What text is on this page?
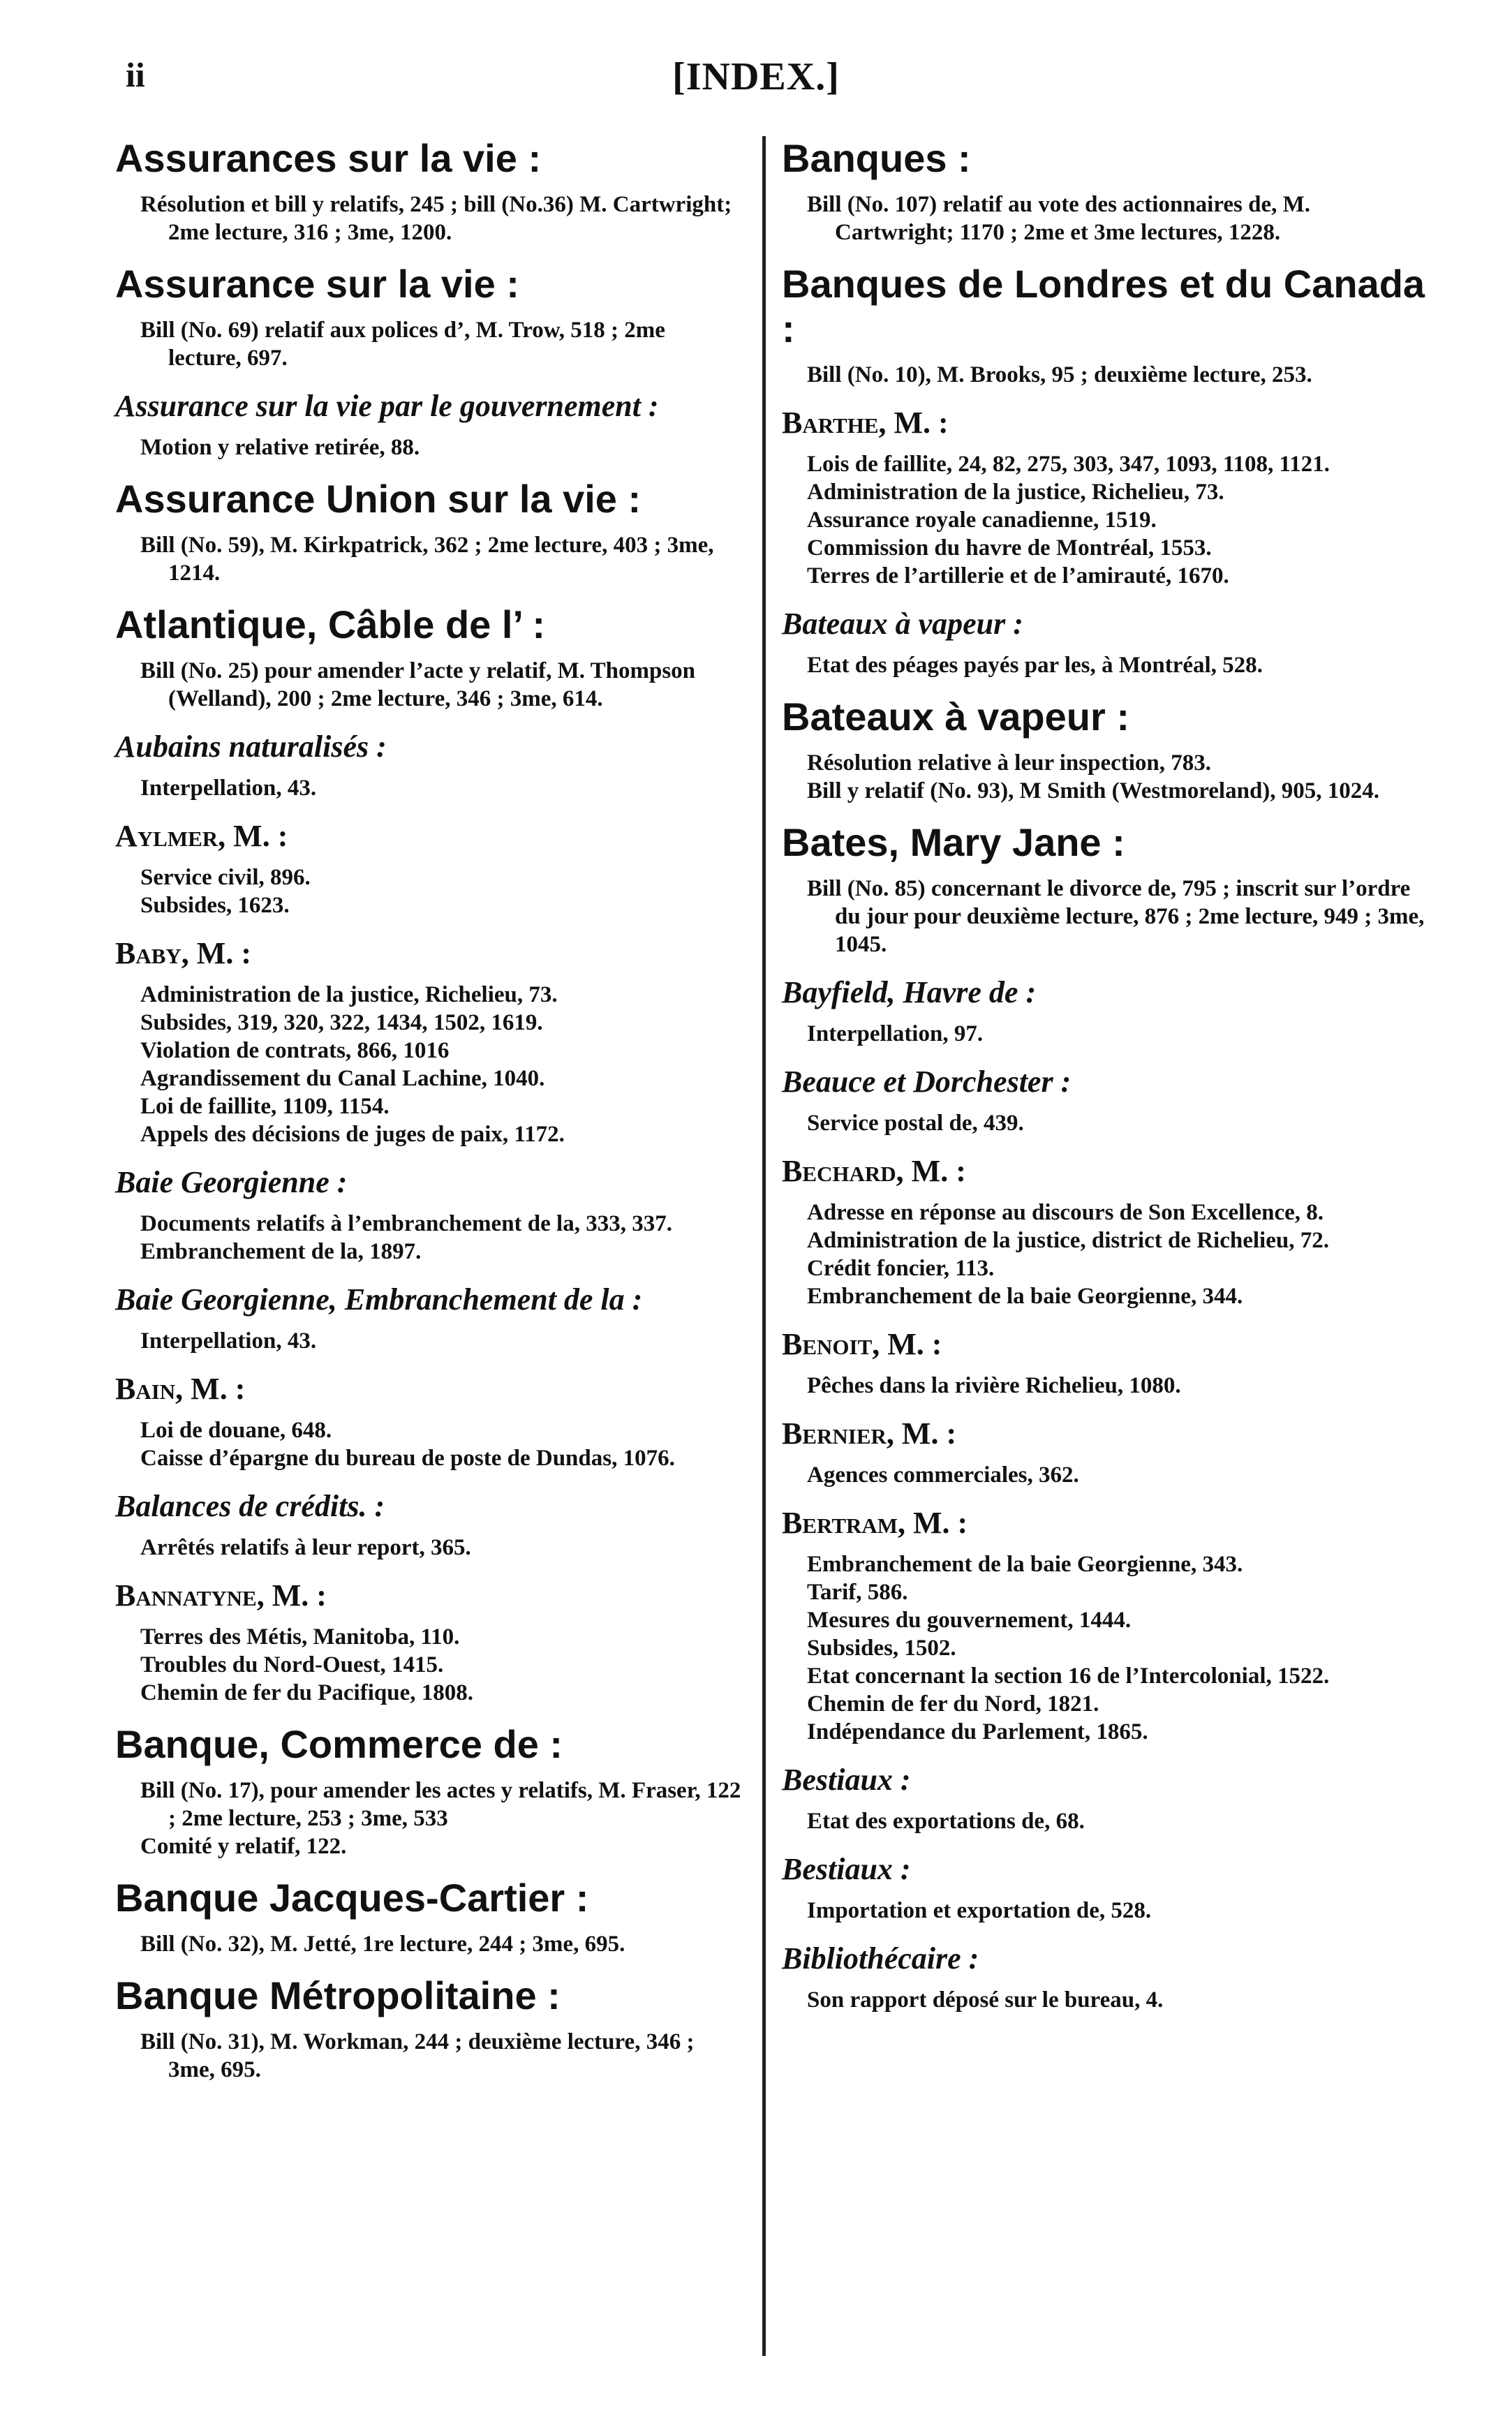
ii	[INDEX.]
Assurances sur la vie :
Résolution et bill y relatifs, 245 ; bill (No.36) M. Cartwright; 2me lecture, 316 ; 3me, 1200.
Assurance sur la vie :
Bill (No. 69) relatif aux polices d’, M. Trow, 518 ; 2me lecture, 697.
Assurance sur la vie par le gouvernement :
Motion y relative retirée, 88.
Assurance Union sur la vie :
Bill (No. 59), M. Kirkpatrick, 362 ; 2me lecture, 403 ; 3me, 1214.
Atlantique, Câble de l’ :
Bill (No. 25) pour amender l’acte y relatif, M. Thompson (Welland), 200 ; 2me lecture, 346 ; 3me, 614.
Aubains naturalisés :
Interpellation, 43.
Aylmer, M. :
Service civil, 896.
Subsides, 1623.
Baby, M. :
Administration de la justice, Richelieu, 73.
Subsides, 319, 320, 322, 1434, 1502, 1619.
Violation de contrats, 866, 1016
Agrandissement du Canal Lachine, 1040.
Loi de faillite, 1109, 1154.
Appels des décisions de juges de paix, 1172.
Baie Georgienne :
Documents relatifs à l’embranchement de la, 333, 337.
Embranchement de la, 1897.
Baie Georgienne, Embranchement de la :
Interpellation, 43.
Bain, M. :
Loi de douane, 648.
Caisse d’épargne du bureau de poste de Dundas, 1076.
Balances de crédits. :
Arrêtés relatifs à leur report, 365.
Bannatyne, M. :
Terres des Métis, Manitoba, 110.
Troubles du Nord-Ouest, 1415.
Chemin de fer du Pacifique, 1808.
Banque, Commerce de :
Bill (No. 17), pour amender les actes y relatifs, M. Fraser, 122 ; 2me lecture, 253 ; 3me, 533
Comité y relatif, 122.
Banque Jacques-Cartier :
Bill (No. 32), M. Jetté, 1re lecture, 244 ; 3me, 695.
Banque Métropolitaine :
Bill (No. 31), M. Workman, 244 ; deuxième lecture, 346 ; 3me, 695.
Banques :
Bill (No. 107) relatif au vote des actionnaires de, M. Cartwright; 1170 ; 2me et 3me lectures, 1228.
Banques de Londres et du Canada :
Bill (No. 10), M. Brooks, 95 ; deuxième lecture, 253.
Barthe, M. :
Lois de faillite, 24, 82, 275, 303, 347, 1093, 1108, 1121.
Administration de la justice, Richelieu, 73.
Assurance royale canadienne, 1519.
Commission du havre de Montréal, 1553.
Terres de l’artillerie et de l’amirauté, 1670.
Bateaux à vapeur :
Etat des péages payés par les, à Montréal, 528.
Bateaux à vapeur :
Résolution relative à leur inspection, 783.
Bill y relatif (No. 93), M Smith (Westmoreland), 905, 1024.
Bates, Mary Jane :
Bill (No. 85) concernant le divorce de, 795 ; inscrit sur l’ordre du jour pour deuxième lecture, 876 ; 2me lecture, 949 ; 3me, 1045.
Bayfield, Havre de :
Interpellation, 97.
Beauce et Dorchester :
Service postal de, 439.
Bechard, M. :
Adresse en réponse au discours de Son Excellence, 8.
Administration de la justice, district de Richelieu, 72.
Crédit foncier, 113.
Embranchement de la baie Georgienne, 344.
Benoit, M. :
Pêches dans la rivière Richelieu, 1080.
Bernier, M. :
Agences commerciales, 362.
Bertram, M. :
Embranchement de la baie Georgienne, 343.
Tarif, 586.
Mesures du gouvernement, 1444.
Subsides, 1502.
Etat concernant la section 16 de l’Intercolonial, 1522.
Chemin de fer du Nord, 1821.
Indépendance du Parlement, 1865.
Bestiaux :
Etat des exportations de, 68.
Bestiaux :
Importation et exportation de, 528.
Bibliothécaire :
Son rapport déposé sur le bureau, 4.
